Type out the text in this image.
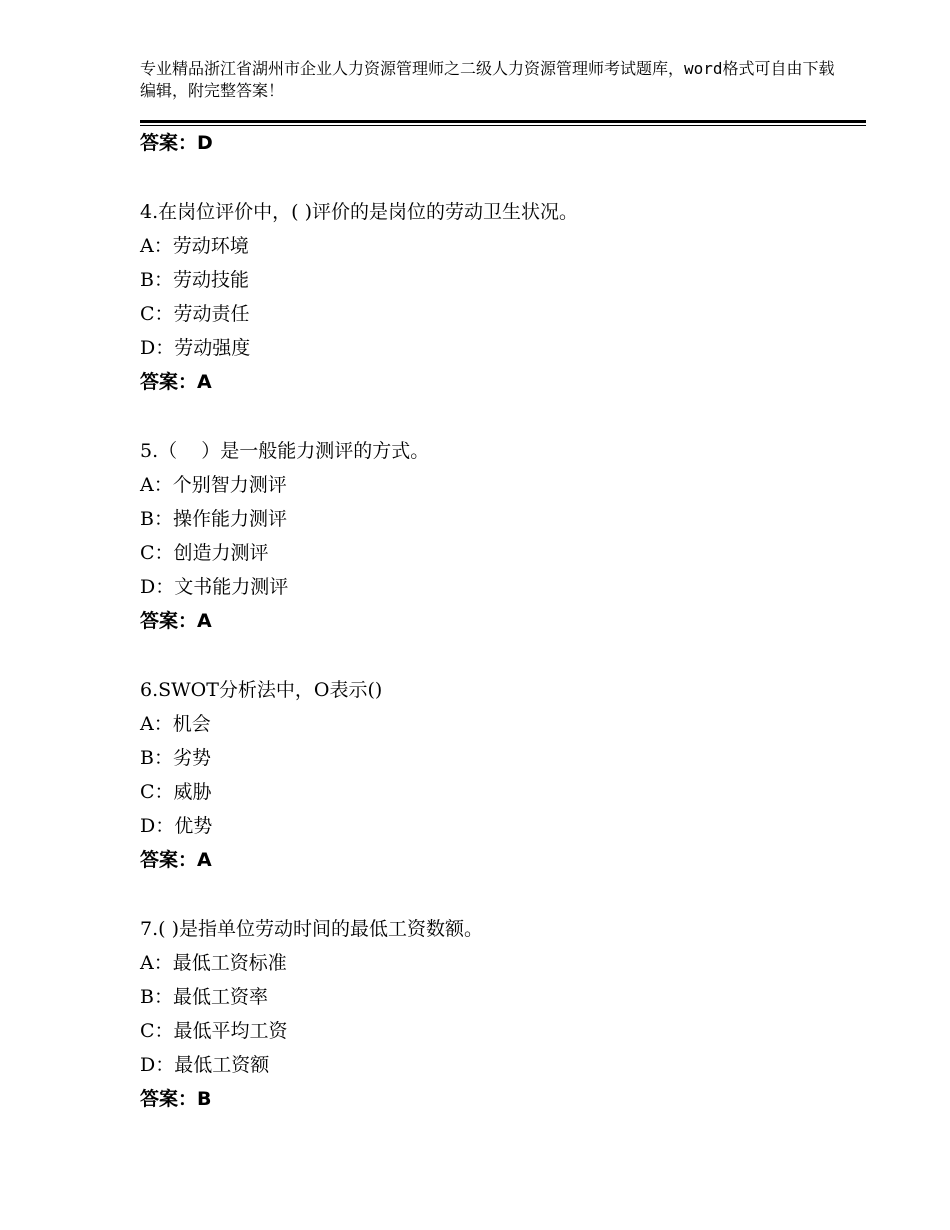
专业精品浙江省湖州市企业人力资源管理师之二级人力资源管理师考试题库，word格式可自由下载编辑，附完整答案！
答案：D
4.在岗位评价中，( )评价的是岗位的劳动卫生状况。
A：劳动环境
B：劳动技能
C：劳动责任
D：劳动强度
答案：A
5.（    ）是一般能力测评的方式。
A：个别智力测评
B：操作能力测评
C：创造力测评
D：文书能力测评
答案：A
6.SWOT分析法中，O表示()
A：机会
B：劣势
C：威胁
D：优势
答案：A
7.( )是指单位劳动时间的最低工资数额。
A：最低工资标准
B：最低工资率
C：最低平均工资
D：最低工资额
答案：B
